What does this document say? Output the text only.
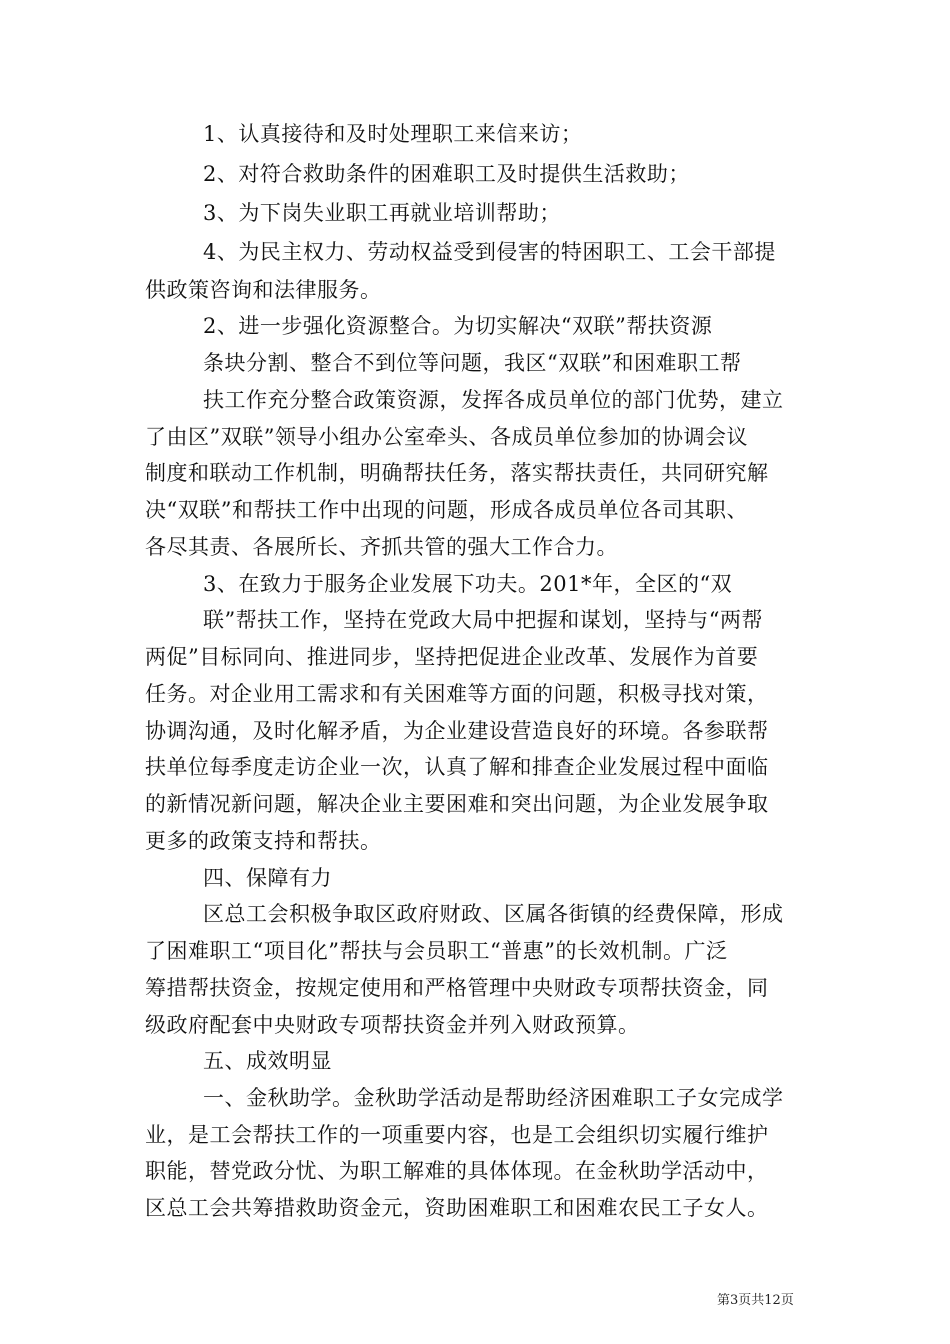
1、认真接待和及时处理职工来信来访；
2、对符合救助条件的困难职工及时提供生活救助；
3、为下岗失业职工再就业培训帮助；
4、为民主权力、劳动权益受到侵害的特困职工、工会干部提
供政策咨询和法律服务。
2、进一步强化资源整合。为切实解决“双联”帮扶资源
条块分割、整合不到位等问题，我区“双联”和困难职工帮
扶工作充分整合政策资源，发挥各成员单位的部门优势，建立
了由区”双联”领导小组办公室牵头、各成员单位参加的协调会议
制度和联动工作机制，明确帮扶任务，落实帮扶责任，共同研究解
决“双联”和帮扶工作中出现的问题，形成各成员单位各司其职、
各尽其责、各展所长、齐抓共管的强大工作合力。
3、在致力于服务企业发展下功夫。201*年，全区的“双
联”帮扶工作，坚持在党政大局中把握和谋划，坚持与“两帮
两促”目标同向、推进同步，坚持把促进企业改革、发展作为首要
任务。对企业用工需求和有关困难等方面的问题，积极寻找对策，
协调沟通，及时化解矛盾，为企业建设营造良好的环境。各参联帮
扶单位每季度走访企业一次，认真了解和排查企业发展过程中面临
的新情况新问题，解决企业主要困难和突出问题，为企业发展争取
更多的政策支持和帮扶。
四、保障有力
区总工会积极争取区政府财政、区属各街镇的经费保障，形成
了困难职工“项目化”帮扶与会员职工“普惠”的长效机制。广泛
筹措帮扶资金，按规定使用和严格管理中央财政专项帮扶资金，同
级政府配套中央财政专项帮扶资金并列入财政预算。
五、成效明显
一、金秋助学。金秋助学活动是帮助经济困难职工子女完成学
业，是工会帮扶工作的一项重要内容，也是工会组织切实履行维护
职能，替党政分忧、为职工解难的具体体现。在金秋助学活动中，
区总工会共筹措救助资金元，资助困难职工和困难农民工子女人。
第3页共12页
